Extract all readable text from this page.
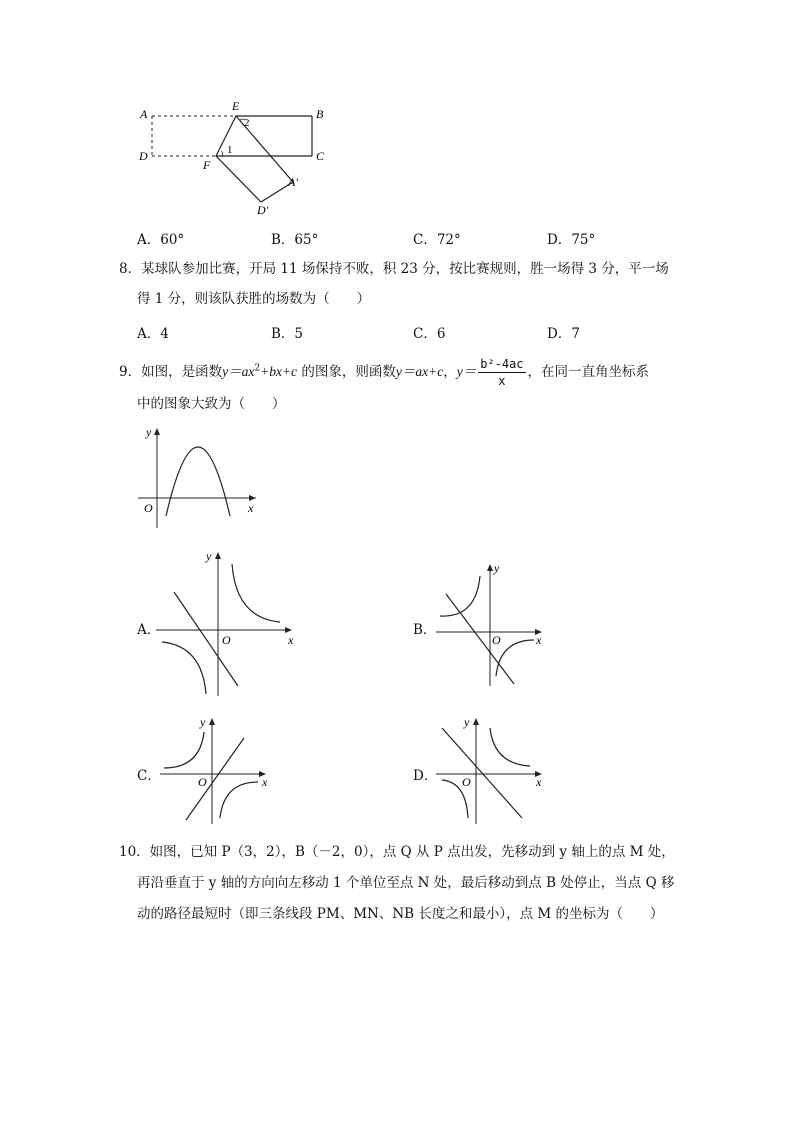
A
E
B
D	C
F
A′
D′
1
2
A．60°	B．65°	C．72°	D．75°
8．某球队参加比赛，开局 11 场保持不败，积 23 分，按比赛规则，胜一场得 3 分，平一场
得 1 分，则该队获胜的场数为（　　）
A．4	B．5	C．6	D．7
9．如图，是函数$y=ax^2+bx+c$ 的图象，则函数y＝ax+c，$y= \frac{\text{b²-4ac}}{x}$ ，在同一直角坐标系
中的图象大致为（　　）
y
x
O
A．
y
x
O
B．
y
x
O
C．
y
x
O	D．
y
x
O
10．如图，已知 P（3，2），B（－2，0），点 Q 从 P 点出发，先移动到 y 轴上的点 M 处，
再沿垂直于 y 轴的方向向左移动 1 个单位至点 N 处，最后移动到点 B 处停止，当点 Q 移
动的路径最短时（即三条线段 PM、MN、NB 长度之和最小），点 M 的坐标为（　　）
